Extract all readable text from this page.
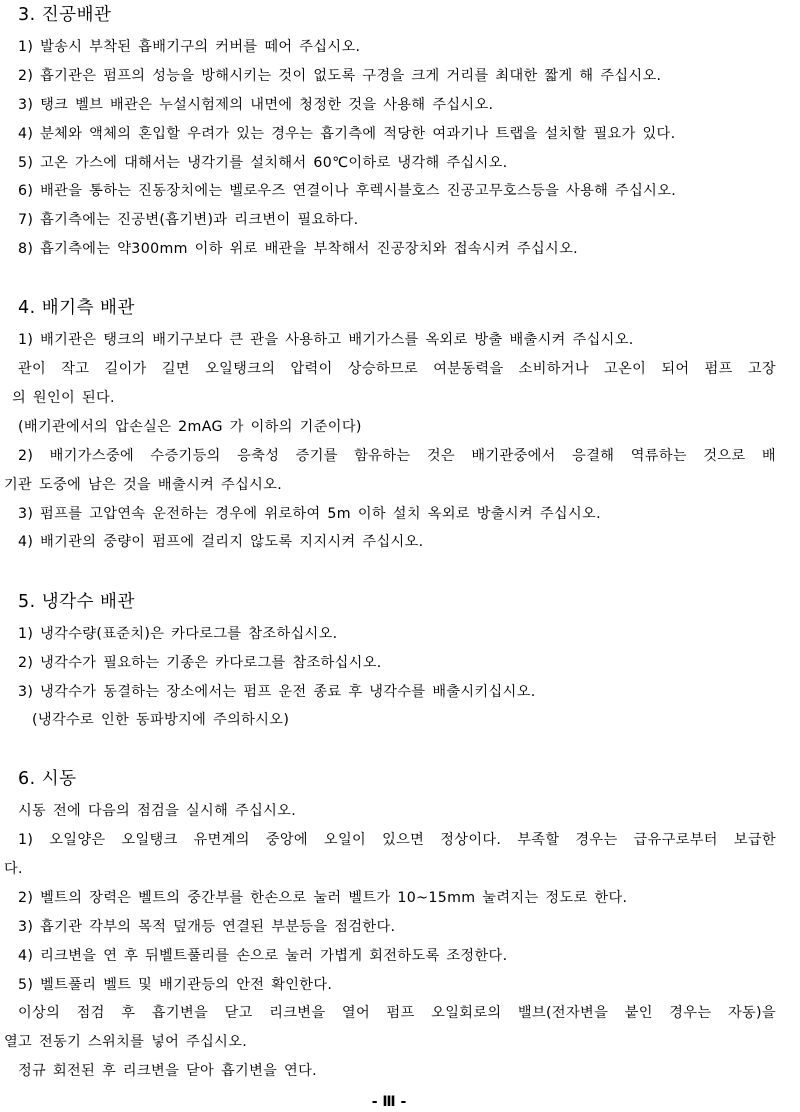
3. 진공배관
1) 발송시 부착된 흡배기구의 커버를 떼어 주십시오.
2) 흡기관은 펌프의 성능을 방해시키는 것이 없도록 구경을 크게 거리를 최대한 짧게 해 주십시오.
3) 탱크 벨브 배관은 누설시험제의 내면에 청정한 것을 사용해 주십시오.
4) 분체와 액체의 혼입할 우려가 있는 경우는 흡기측에 적당한 여과기나 트랩을 설치할 필요가 있다.
5) 고온 가스에 대해서는 냉각기를 설치해서 60℃이하로 냉각해 주십시오.
6) 배관을 통하는 진동장치에는 벨로우즈 연결이나 후렉시블호스 진공고무호스등을 사용해 주십시오.
7) 흡기측에는 진공변(흡기변)과 리크변이 필요하다.
8) 흡기측에는 약300mm 이하 위로 배관을 부착해서 진공장치와 접속시켜 주십시오.
4. 배기측 배관
1) 배기관은 탱크의 배기구보다 큰 관을 사용하고 배기가스를 옥외로 방출 배출시켜 주십시오.
관이 작고 길이가 길면 오일탱크의 압력이 상승하므로 여분동력을 소비하거나 고온이 되어 펌프 고장
의 원인이 된다.
(배기관에서의 압손실은 2mAG 가 이하의 기준이다)
2) 배기가스중에 수증기등의 응축성 증기를 함유하는 것은 배기관중에서 응결해 역류하는 것으로 배
기관 도중에 남은 것을 배출시켜 주십시오.
3) 펌프를 고압연속 운전하는 경우에 위로하여 5m 이하 설치 옥외로 방출시켜 주십시오.
4) 배기관의 중량이 펌프에 걸리지 않도록 지지시켜 주십시오.
5. 냉각수 배관
1) 냉각수량(표준치)은 카다로그를 참조하십시오.
2) 냉각수가 필요하는 기종은 카다로그를 참조하십시오.
3) 냉각수가 동결하는 장소에서는 펌프 운전 종료 후 냉각수를 배출시키십시오.
(냉각수로 인한 동파방지에 주의하시오)
6. 시동
시동 전에 다음의 점검을 실시해 주십시오.
1) 오일양은 오일탱크 유면계의 중앙에 오일이 있으면 정상이다. 부족할 경우는 급유구로부터 보급한
다.
2) 벨트의 장력은 벨트의 중간부를 한손으로 눌러 벨트가 10~15mm 눌려지는 정도로 한다.
3) 흡기관 각부의 목적 덮개등 연결된 부분등을 점검한다.
4) 리크변을 연 후 뒤벨트풀리를 손으로 눌러 가볍게 회전하도록 조정한다.
5) 벨트풀리 벨트 및 배기관등의 안전 확인한다.
이상의 점검 후 흡기변을 닫고 리크변을 열어 펌프 오일회로의 밸브(전자변을 붙인 경우는 자동)을
열고 전동기 스위치를 넣어 주십시오.
정규 회전된 후 리크변을 닫아 흡기변을 연다.
- Ⅲ -
